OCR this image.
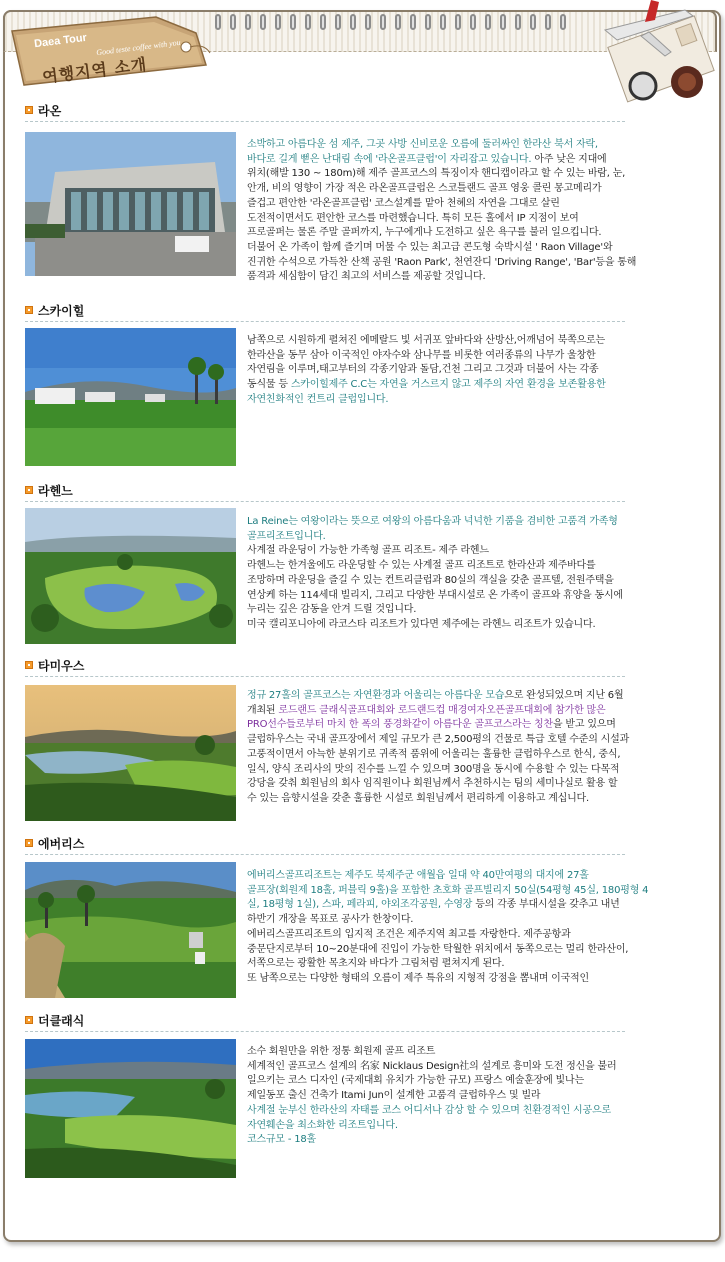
Daea Tour Good teste coffee with you
여행지역 소개
라온

소박하고 아름다운 섬 제주, 그곳 사방 신비로운 오름에 둘러싸인 한라산 북서 자락,

바다로 길게 뻗은 난대림 속에 '라온골프클럽'이 자리잡고 있습니다. 아주 낮은 지대에

위치(해발 130 ~ 180m)해 제주 골프코스의 특징이자 핸디캡이라고 할 수 있는 바람, 눈,

안개, 비의 영향이 가장 적은 라온골프클럽은 스코틀랜드 골프 영웅 콜린 몽고메리가

즐겁고 편안한 '라온골프클럽' 코스설계를 맡아 천혜의 자연을 그대로 살린

도전적이면서도 편안한 코스를 마련했습니다. 특히 모든 홀에서 IP 지점이 보여

프로골퍼는 물론 주말 골퍼까지, 누구에게나 도전하고 싶은 욕구를 불러 일으킵니다.

더불어 온 가족이 함께 즐기며 머물 수 있는 최고급 콘도형 숙박시설 ' Raon Village'와

진귀한 수석으로 가득찬 산책 공원 'Raon Park', 천연잔디 'Driving Range', 'Bar'등을 통해

품격과 세심함이 담긴 최고의 서비스를 제공할 것입니다.

스카이힐

남쪽으로 시원하게 펼쳐진 에메랄드 빛 서귀포 앞바다와 산방산,어깨넘어 북쪽으로는

한라산을 동무 삼아 이국적인 야자수와 삼나무를 비롯한 여러종류의 나무가 울창한

자연림을 이루며,태고부터의 각종기암과 돌담,건천 그리고 그것과 더불어 사는 각종

동식물 등 스카이힐제주 C.C는 자연을 거스르지 않고 제주의 자연 환경을 보존활용한

자연친화적인 컨트리 클럽입니다.

라헨느

La Reine는 여왕이라는 뜻으로 여왕의 아름다움과 넉넉한 기품을 겸비한 고품격 가족형

골프리조트입니다.

사계절 라운딩이 가능한 가족형 골프 리조트- 제주 라헨느

라헨느는 한겨울에도 라운딩할 수 있는 사계절 골프 리조트로 한라산과 제주바다를

조망하며 라운딩을 즐길 수 있는 컨트리클럽과 80실의 객실을 갖춘 골프텔, 전원주택을

연상케 하는 114세대 빌리지, 그리고 다양한 부대시설로 온 가족이 골프와 휴양을 동시에

누리는 깊은 감동을 안겨 드릴 것입니다.

미국 캘리포니아에 라코스타 리조트가 있다면 제주에는 라헨느 리조트가 있습니다.

타미우스

정규 27홀의 골프코스는 자연환경과 어울리는 아름다운 모습으로 완성되었으며 지난 6월

개최된 로드랜드 클래식골프대회와 로드랜드컵 매경여자오픈골프대회에 참가한 많은

PRO선수들로부터 마치 한 폭의 풍경화같이 아름다운 골프코스라는 칭찬을 받고 있으며

클럽하우스는 국내 골프장에서 제일 규모가 큰 2,500평의 건물로 특급 호텔 수준의 시설과

고풍적이면서 아늑한 분위기로 귀족적 품위에 어울리는 훌륭한 클럽하우스로 한식, 중식,

일식, 양식 조리사의 맛의 진수를 느낄 수 있으며 300명을 동시에 수용할 수 있는 다목적

강당을 갖춰 회원님의 회사 임직원이나 회원님께서 추천하시는 팀의 세미나실로 활용 할

수 있는 음향시설을 갖춘 훌륭한 시설로 회원님께서 편리하게 이용하고 계십니다.

에버리스

에버리스골프리조트는 제주도 북제주군 애월읍 일대 약 40만여평의 대지에 27홀

골프장(회원제 18홀, 퍼블릭 9홀)을 포함한 초호화 골프빌리지 50실(54평형 45실, 180평형 4

실, 18평형 1실), 스파, 페라피, 야외조각공원, 수영장 등의 각종 부대시설을 갖추고 내년

하반기 개장을 목표로 공사가 한창이다.

에버리스골프리조트의 입지적 조건은 제주지역 최고를 자랑한다. 제주공항과

중문단지로부터 10~20분대에 진입이 가능한 탁월한 위치에서 동쪽으로는 멀리 한라산이,

서쪽으로는 광활한 목초지와 바다가 그림처럼 펼쳐지게 된다.

또 남쪽으로는 다양한 형태의 오름이 제주 특유의 지형적 강점을 뽐내며 이국적인

더클래식

소수 회원만을 위한 정통 회원제 골프 리조트

세계적인 골프코스 설계의 名家 Nicklaus Design社의 설계로 흥미와 도전 정신을 불러

일으키는 코스 디자인 (국제대회 유치가 가능한 규모) 프랑스 예술훈장에 빛나는

제일동포 출신 건축가 Itami Jun이 설계한 고품격 클럽하우스 및 빌라

사계절 눈부신 한라산의 자태를 코스 어디서나 감상 할 수 있으며 친환경적인 시공으로

자연훼손을 최소화한 리조트입니다.

코스규모 - 18홀
